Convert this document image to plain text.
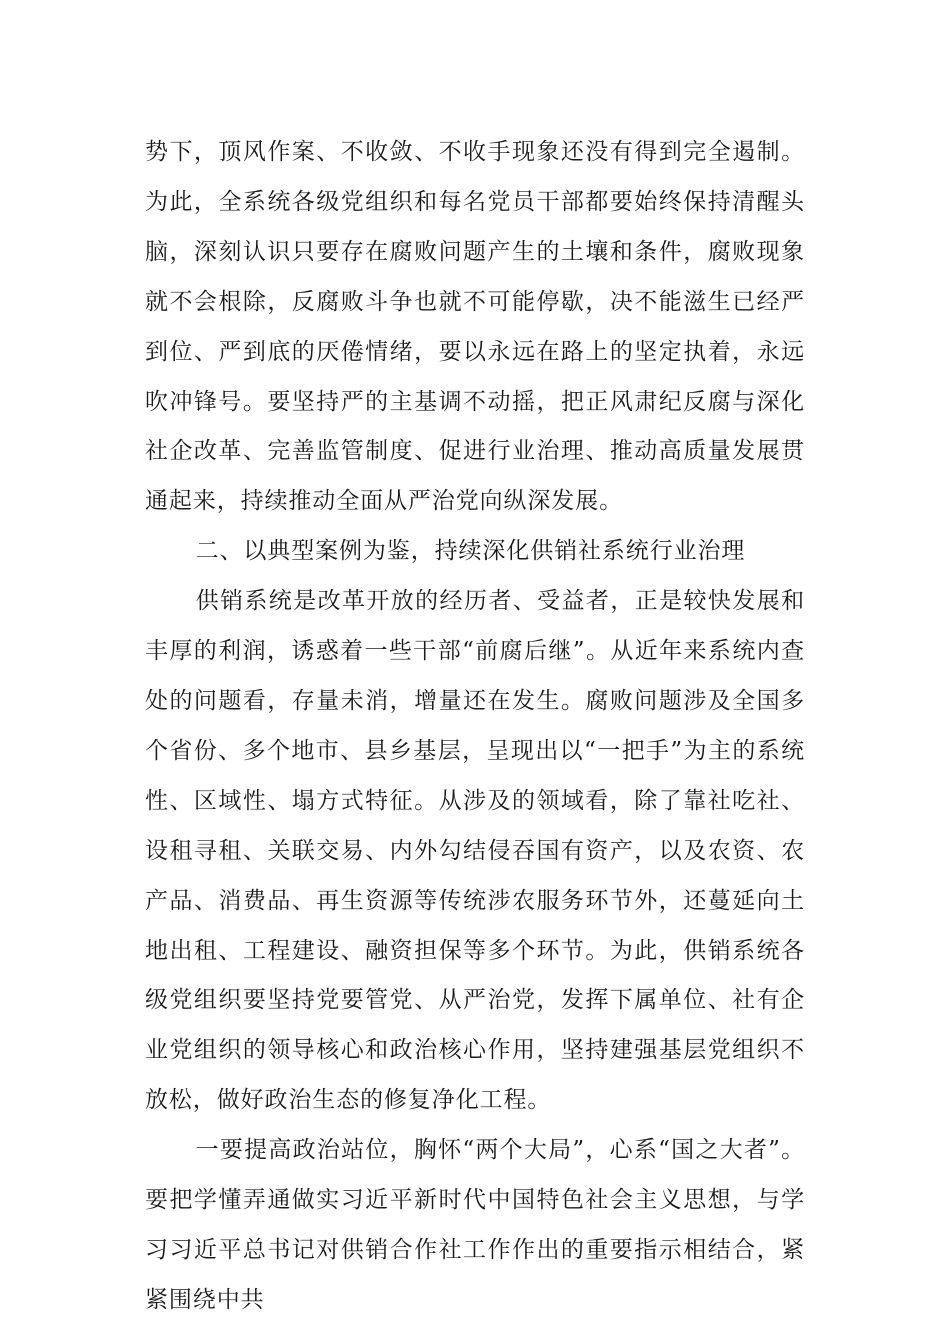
势下，顶风作案、不收敛、不收手现象还没有得到完全遏制。为此，全系统各级党组织和每名党员干部都要始终保持清醒头脑，深刻认识只要存在腐败问题产生的土壤和条件，腐败现象就不会根除，反腐败斗争也就不可能停歇，决不能滋生已经严到位、严到底的厌倦情绪，要以永远在路上的坚定执着，永远吹冲锋号。要坚持严的主基调不动摇，把正风肃纪反腐与深化社企改革、完善监管制度、促进行业治理、推动高质量发展贯通起来，持续推动全面从严治党向纵深发展。

二、以典型案例为鉴，持续深化供销社系统行业治理

供销系统是改革开放的经历者、受益者，正是较快发展和丰厚的利润，诱惑着一些干部“前腐后继”。从近年来系统内查处的问题看，存量未消，增量还在发生。腐败问题涉及全国多个省份、多个地市、县乡基层，呈现出以“一把手”为主的系统性、区域性、塌方式特征。从涉及的领域看，除了靠社吃社、设租寻租、关联交易、内外勾结侵吞国有资产，以及农资、农产品、消费品、再生资源等传统涉农服务环节外，还蔓延向土地出租、工程建设、融资担保等多个环节。为此，供销系统各级党组织要坚持党要管党、从严治党，发挥下属单位、社有企业党组织的领导核心和政治核心作用，坚持建强基层党组织不放松，做好政治生态的修复净化工程。

一要提高政治站位，胸怀“两个大局”，心系“国之大者”。要把学懂弄通做实习近平新时代中国特色社会主义思想，与学习习近平总书记对供销合作社工作作出的重要指示相结合，紧紧围绕中共
